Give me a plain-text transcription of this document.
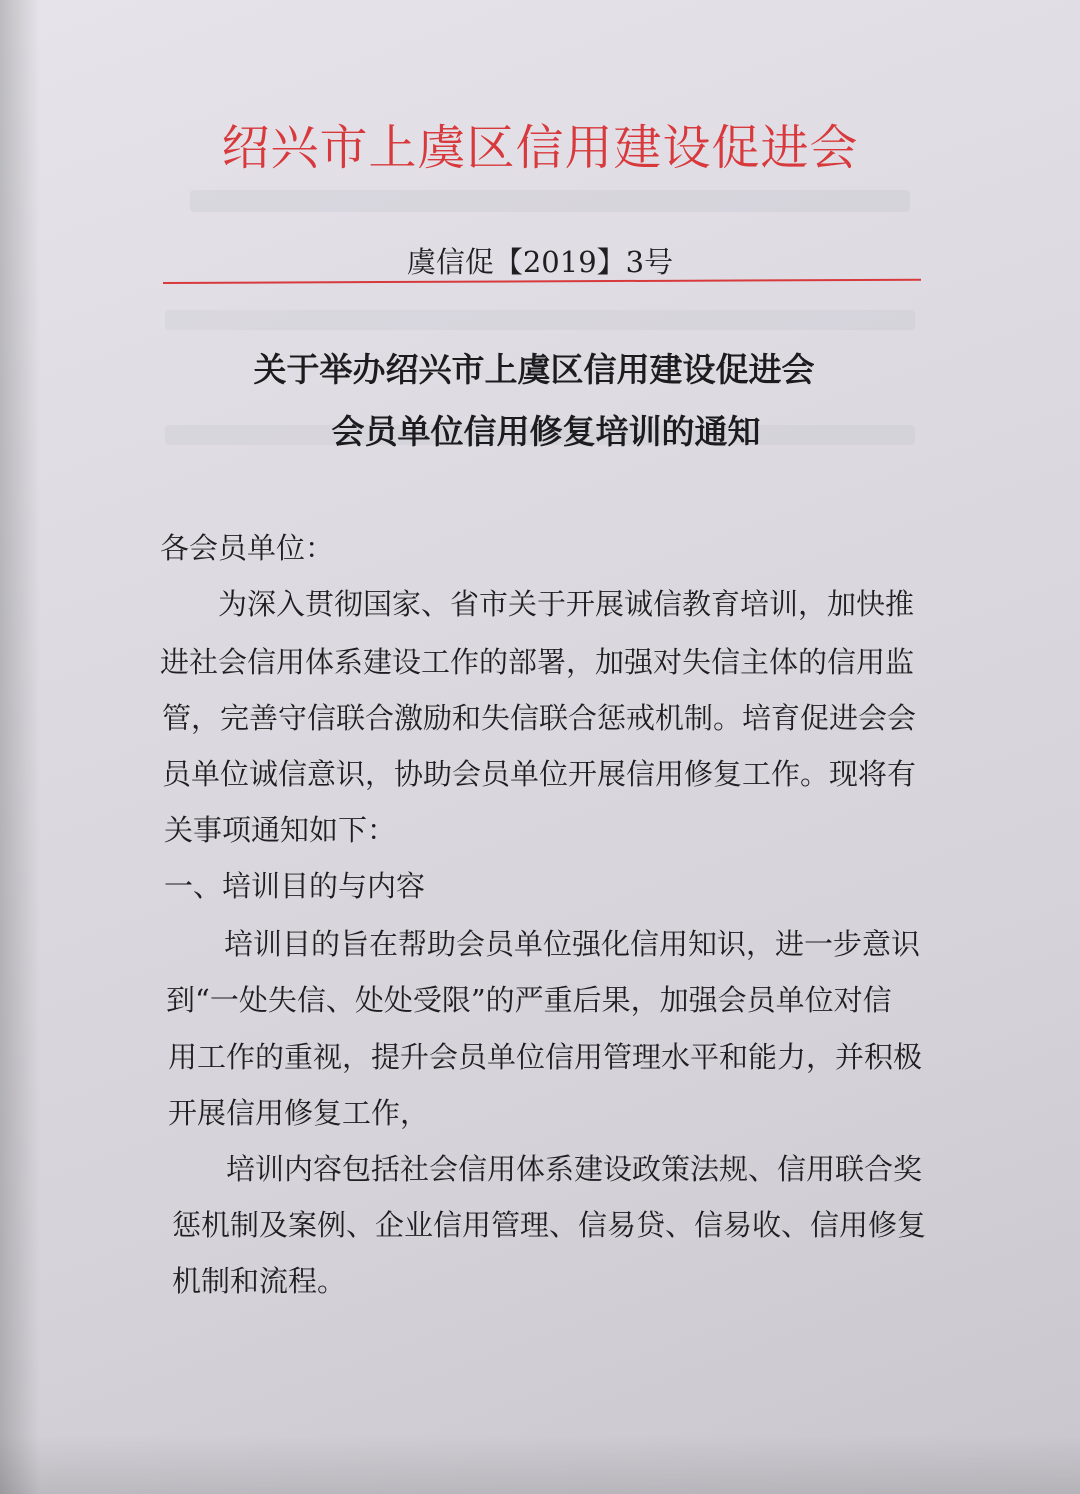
绍兴市上虞区信用建设促进会
虞信促【2019】3号
关于举办绍兴市上虞区信用建设促进会
会员单位信用修复培训的通知
各会员单位：
为深入贯彻国家、省市关于开展诚信教育培训，加快推
进社会信用体系建设工作的部署，加强对失信主体的信用监
管，完善守信联合激励和失信联合惩戒机制。培育促进会会
员单位诚信意识，协助会员单位开展信用修复工作。现将有
关事项通知如下：
一、培训目的与内容
培训目的旨在帮助会员单位强化信用知识，进一步意识
到“一处失信、处处受限”的严重后果，加强会员单位对信
用工作的重视，提升会员单位信用管理水平和能力，并积极
开展信用修复工作，
培训内容包括社会信用体系建设政策法规、信用联合奖
惩机制及案例、企业信用管理、信易贷、信易收、信用修复
机制和流程。
